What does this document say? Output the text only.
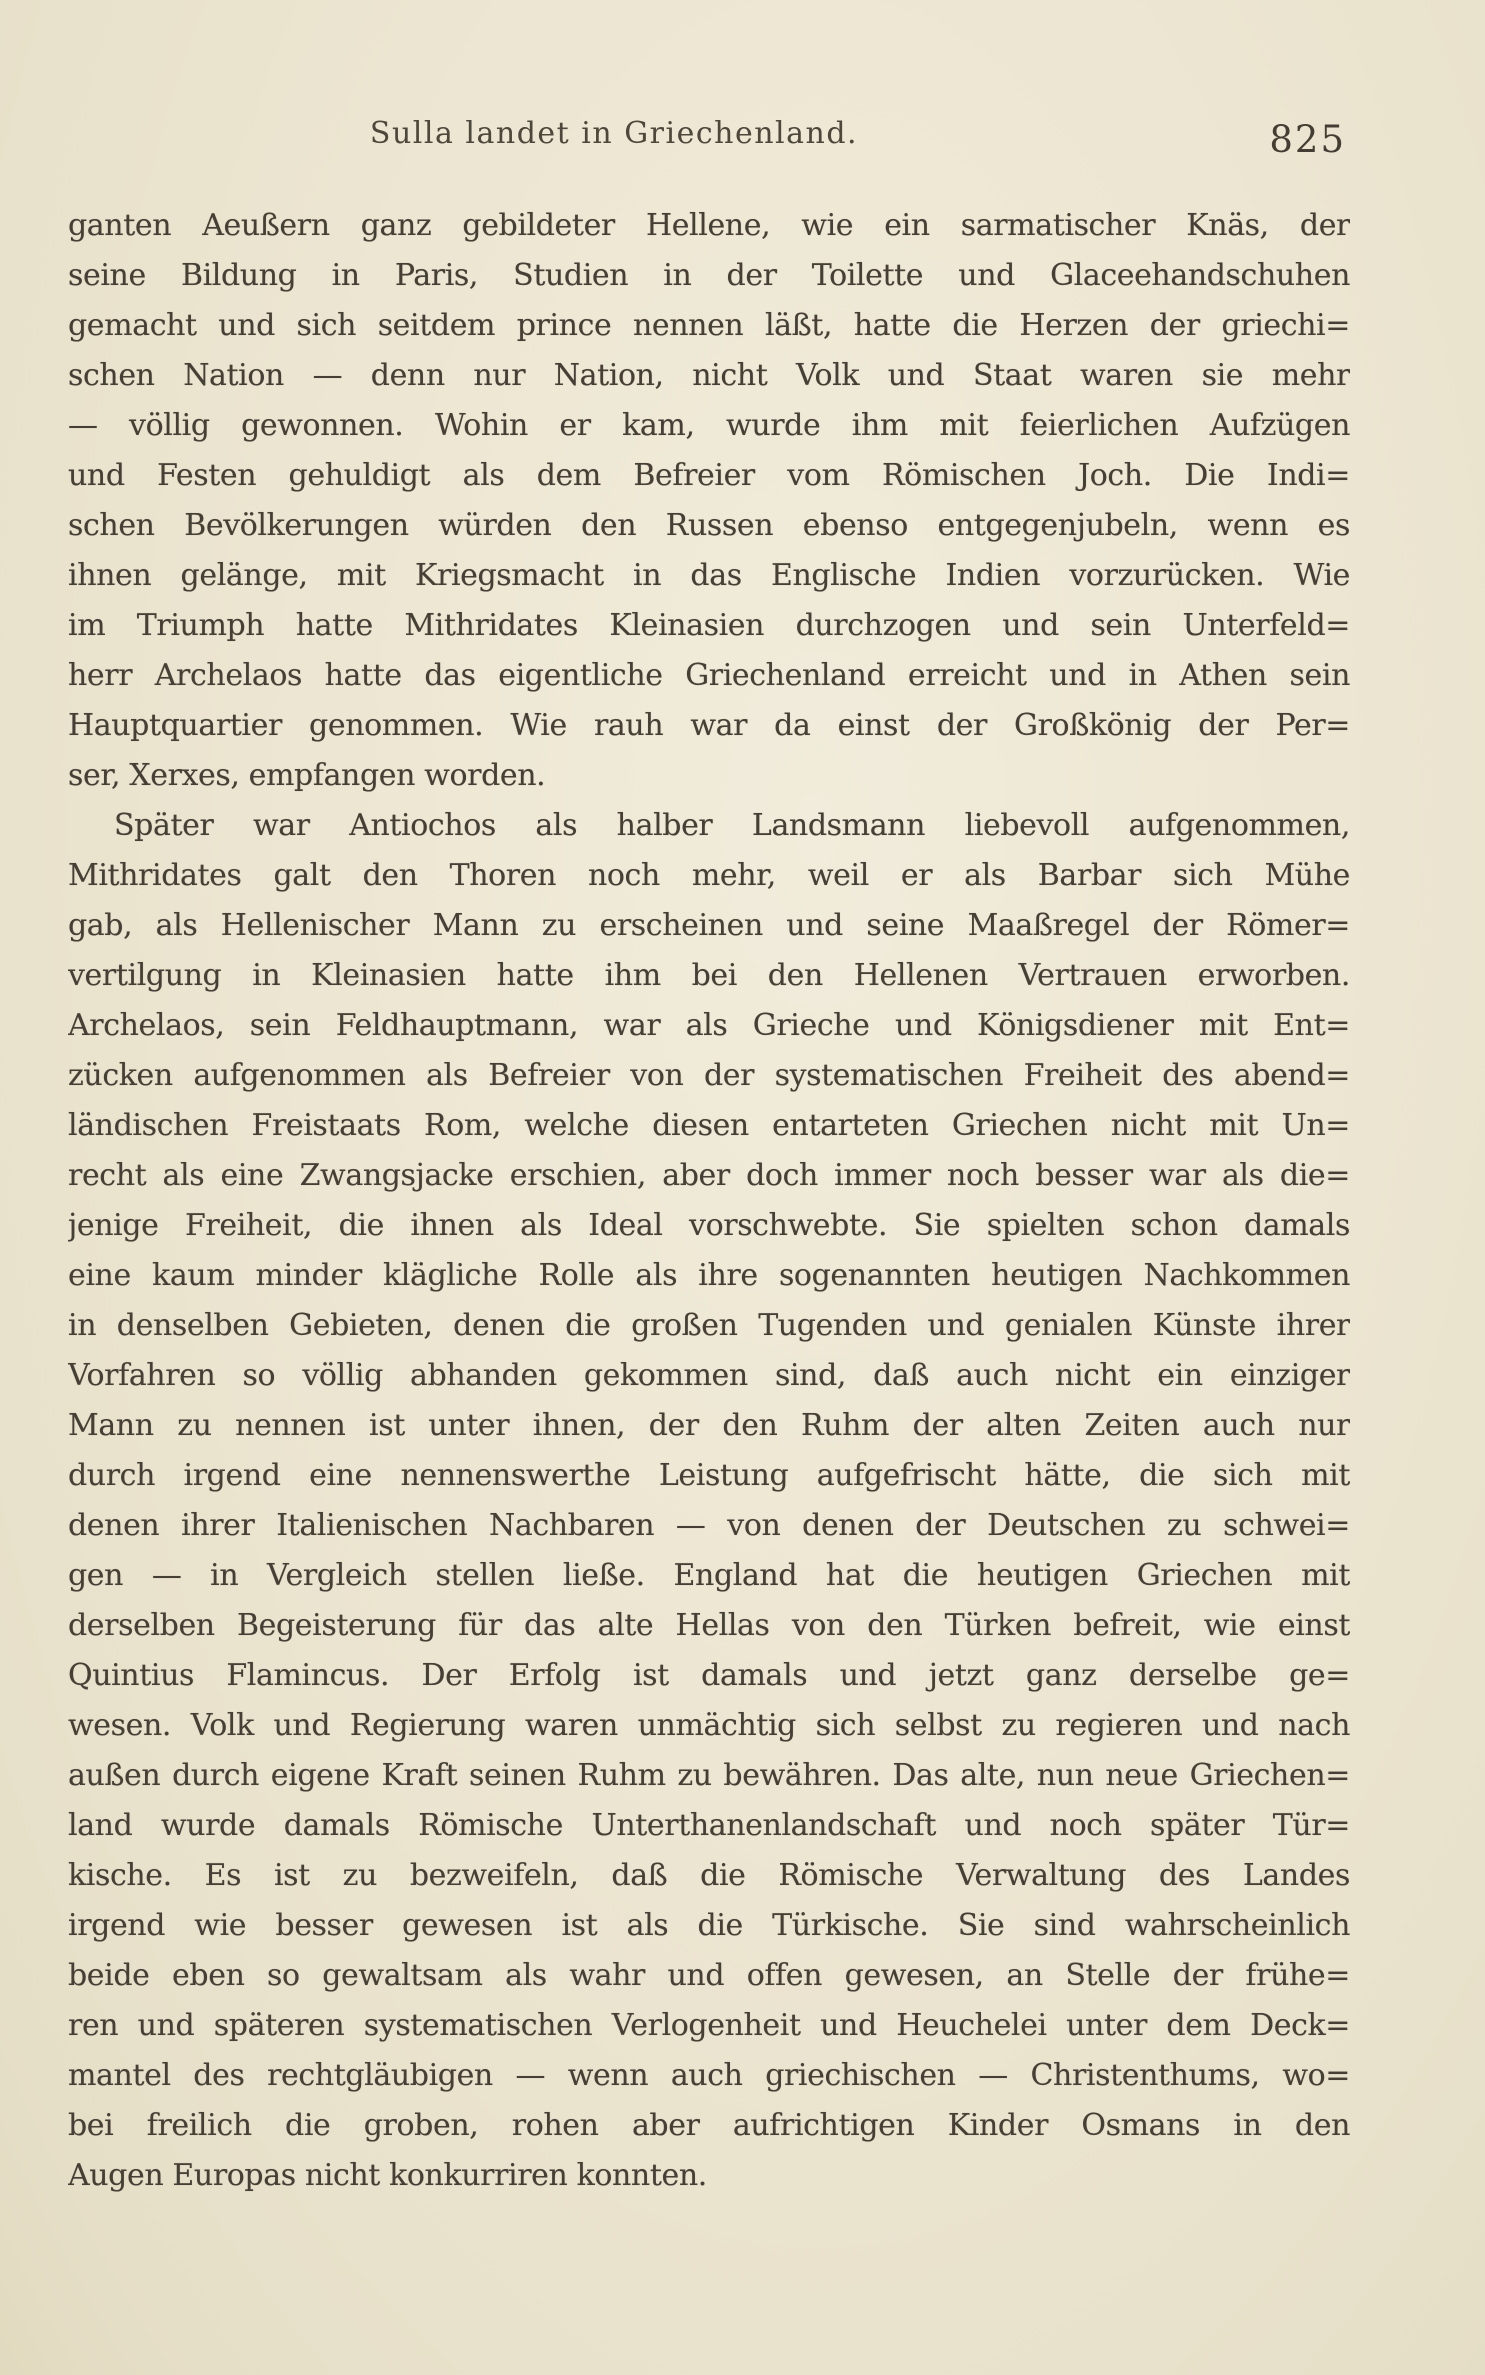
Sulla landet in Griechenland.	825
ganten Aeußern ganz gebildeter Hellene, wie ein sarmatischer Knäs, der
seine Bildung in Paris, Studien in der Toilette und Glaceehandschuhen
gemacht und sich seitdem prince nennen läßt, hatte die Herzen der griechi=
schen Nation — denn nur Nation, nicht Volk und Staat waren sie mehr
— völlig gewonnen. Wohin er kam, wurde ihm mit feierlichen Aufzügen
und Festen gehuldigt als dem Befreier vom Römischen Joch. Die Indi=
schen Bevölkerungen würden den Russen ebenso entgegenjubeln, wenn es
ihnen gelänge, mit Kriegsmacht in das Englische Indien vorzurücken. Wie
im Triumph hatte Mithridates Kleinasien durchzogen und sein Unterfeld=
herr Archelaos hatte das eigentliche Griechenland erreicht und in Athen sein
Hauptquartier genommen. Wie rauh war da einst der Großkönig der Per=
ser, Xerxes, empfangen worden.
Später war Antiochos als halber Landsmann liebevoll aufgenommen,
Mithridates galt den Thoren noch mehr, weil er als Barbar sich Mühe
gab, als Hellenischer Mann zu erscheinen und seine Maaßregel der Römer=
vertilgung in Kleinasien hatte ihm bei den Hellenen Vertrauen erworben.
Archelaos, sein Feldhauptmann, war als Grieche und Königsdiener mit Ent=
zücken aufgenommen als Befreier von der systematischen Freiheit des abend=
ländischen Freistaats Rom, welche diesen entarteten Griechen nicht mit Un=
recht als eine Zwangsjacke erschien, aber doch immer noch besser war als die=
jenige Freiheit, die ihnen als Ideal vorschwebte. Sie spielten schon damals
eine kaum minder klägliche Rolle als ihre sogenannten heutigen Nachkommen
in denselben Gebieten, denen die großen Tugenden und genialen Künste ihrer
Vorfahren so völlig abhanden gekommen sind, daß auch nicht ein einziger
Mann zu nennen ist unter ihnen, der den Ruhm der alten Zeiten auch nur
durch irgend eine nennenswerthe Leistung aufgefrischt hätte, die sich mit
denen ihrer Italienischen Nachbaren — von denen der Deutschen zu schwei=
gen — in Vergleich stellen ließe. England hat die heutigen Griechen mit
derselben Begeisterung für das alte Hellas von den Türken befreit, wie einst
Quintius Flamincus. Der Erfolg ist damals und jetzt ganz derselbe ge=
wesen. Volk und Regierung waren unmächtig sich selbst zu regieren und nach
außen durch eigene Kraft seinen Ruhm zu bewähren. Das alte, nun neue Griechen=
land wurde damals Römische Unterthanenlandschaft und noch später Tür=
kische. Es ist zu bezweifeln, daß die Römische Verwaltung des Landes
irgend wie besser gewesen ist als die Türkische. Sie sind wahrscheinlich
beide eben so gewaltsam als wahr und offen gewesen, an Stelle der frühe=
ren und späteren systematischen Verlogenheit und Heuchelei unter dem Deck=
mantel des rechtgläubigen — wenn auch griechischen — Christenthums, wo=
bei freilich die groben, rohen aber aufrichtigen Kinder Osmans in den
Augen Europas nicht konkurriren konnten.
